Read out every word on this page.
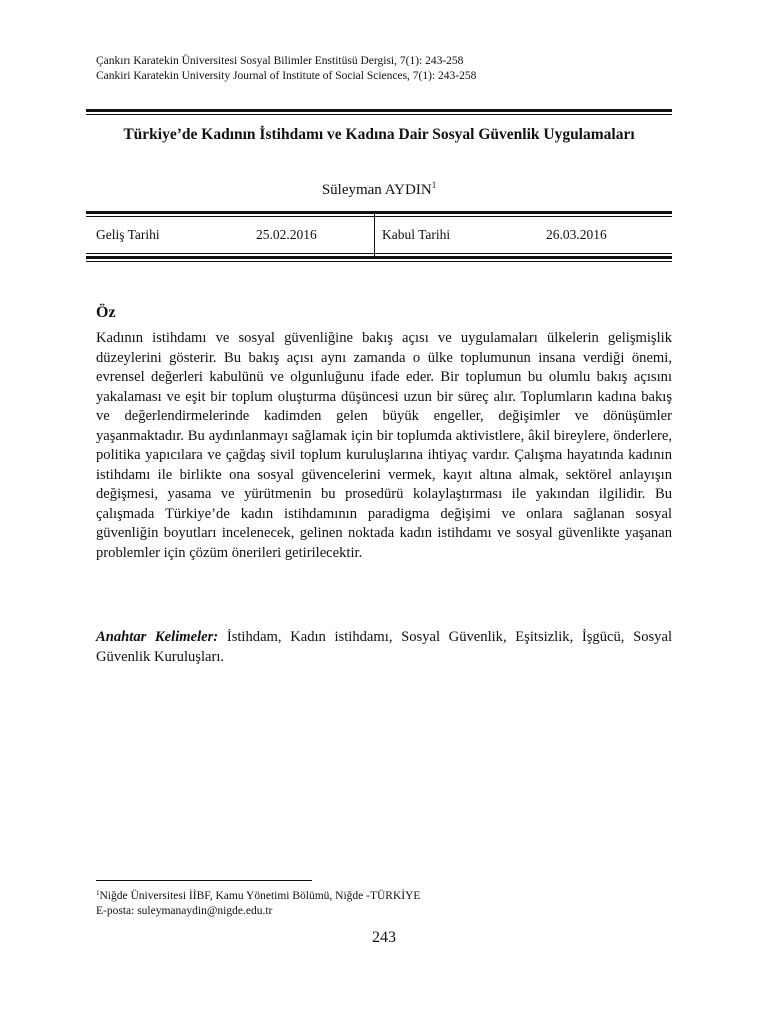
Çankırı Karatekin Üniversitesi Sosyal Bilimler Enstitüsü Dergisi, 7(1): 243-258
Cankiri Karatekin University Journal of Institute of Social Sciences, 7(1): 243-258
Türkiye’de Kadının İstihdamı ve Kadına Dair Sosyal Güvenlik Uygulamaları
Süleyman AYDIN$^1$
Geliş Tarihi	25.02.2016	Kabul Tarihi	26.03.2016
Öz

Kadının istihdamı ve sosyal güvenliğine bakış açısı ve uygulamaları ülkelerin gelişmişlik düzeylerini gösterir. Bu bakış açısı aynı zamanda o ülke toplumunun insana verdiği önemi, evrensel değerleri kabulünü ve olgunluğunu ifade eder. Bir toplumun bu olumlu bakış açısını yakalaması ve eşit bir toplum oluşturma düşüncesi uzun bir süreç alır. Toplumların kadına bakış ve değerlendirmelerinde kadimden gelen büyük engeller, değişimler ve dönüşümler yaşanmaktadır. Bu aydınlanmayı sağlamak için bir toplumda aktivistlere, âkil bireylere, önderlere, politika yapıcılara ve çağdaş sivil toplum kuruluşlarına ihtiyaç vardır. Çalışma hayatında kadının istihdamı ile birlikte ona sosyal güvencelerini vermek, kayıt altına almak, sektörel anlayışın değişmesi, yasama ve yürütmenin bu prosedürü kolaylaştırması ile yakından ilgilidir. Bu çalışmada Türkiye’de kadın istihdamının paradigma değişimi ve onlara sağlanan sosyal güvenliğin boyutları incelenecek, gelinen noktada kadın istihdamı ve sosyal güvenlikte yaşanan problemler için çözüm önerileri getirilecektir.

Anahtar Kelimeler: İstihdam, Kadın istihdamı, Sosyal Güvenlik, Eşitsizlik, İşgücü, Sosyal Güvenlik Kuruluşları.

$^1$Niğde Üniversitesi İİBF, Kamu Yönetimi Bölümü, Niğde -TÜRKİYE
E-posta: suleymanaydin@nigde.edu.tr
243
